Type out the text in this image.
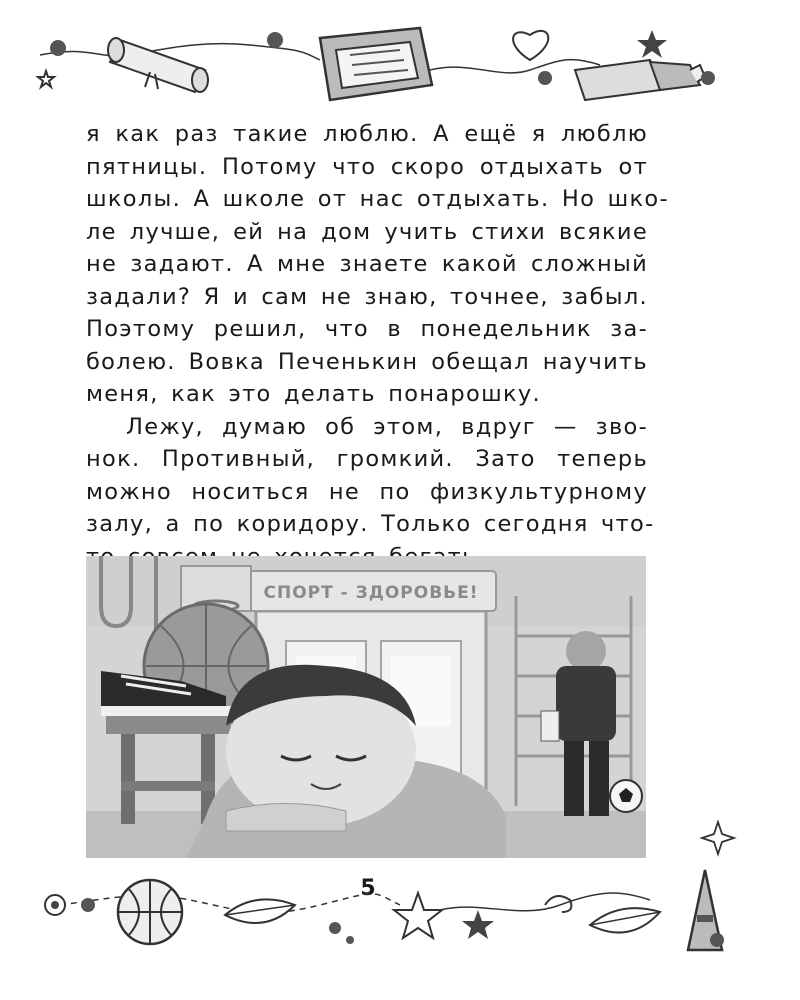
я как раз такие люблю. А ещё я люблю
пятницы. Потому что скоро отдыхать от
школы. А школе от нас отдыхать. Но шко-
ле лучше, ей на дом учить стихи всякие
не задают. А мне знаете какой сложный
задали? Я и сам не знаю, точнее, забыл.
Поэтому решил, что в понедельник за-
болею. Вовка Печенькин обещал научить
меня, как это делать понарошку.
Лежу, думаю об этом, вдруг — зво-
нок. Противный, громкий. Зато теперь
можно носиться не по физкультурному
залу, а по коридору. Только сегодня что-
СПОРТ - ЗДОРОВЬЕ!
5
